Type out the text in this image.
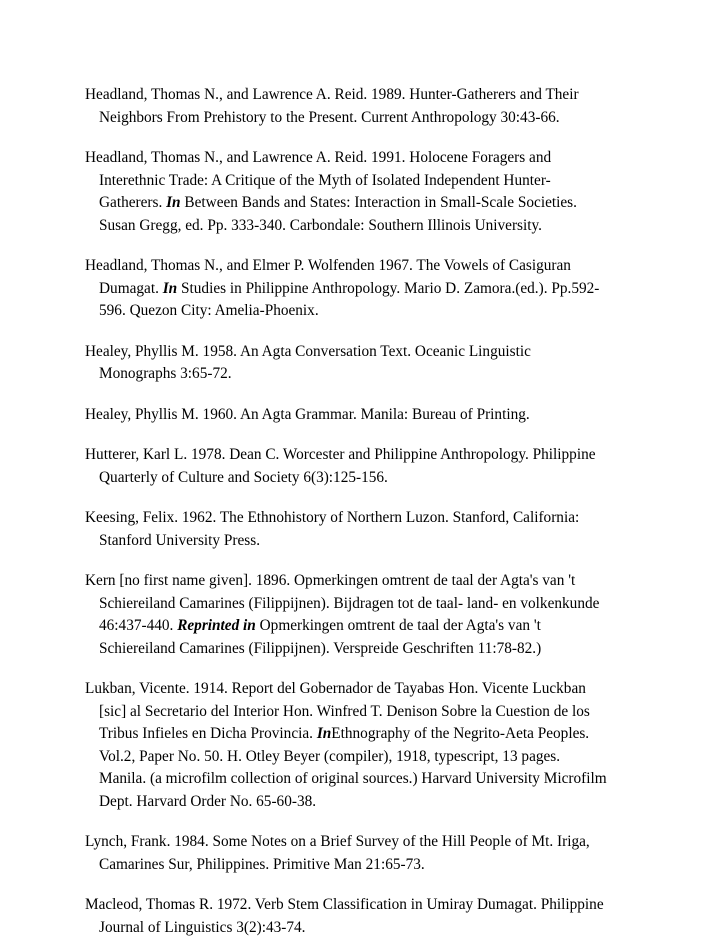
Headland, Thomas N., and Lawrence A. Reid. 1989. Hunter-Gatherers and Their
Neighbors From Prehistory to the Present. Current Anthropology 30:43-66.

Headland, Thomas N., and Lawrence A. Reid. 1991. Holocene Foragers and
Interethnic Trade: A Critique of the Myth of Isolated Independent Hunter-
Gatherers. In Between Bands and States: Interaction in Small-Scale Societies.
Susan Gregg, ed. Pp. 333-340. Carbondale: Southern Illinois University.

Headland, Thomas N., and Elmer P. Wolfenden 1967. The Vowels of Casiguran
Dumagat. In Studies in Philippine Anthropology. Mario D. Zamora.(ed.). Pp.592-
596. Quezon City: Amelia-Phoenix.

Healey, Phyllis M. 1958. An Agta Conversation Text. Oceanic Linguistic
Monographs 3:65-72.

Healey, Phyllis M. 1960. An Agta Grammar. Manila: Bureau of Printing.

Hutterer, Karl L. 1978. Dean C. Worcester and Philippine Anthropology. Philippine
Quarterly of Culture and Society 6(3):125-156.

Keesing, Felix. 1962. The Ethnohistory of Northern Luzon. Stanford, California:
Stanford University Press.

Kern [no first name given]. 1896. Opmerkingen omtrent de taal der Agta's van 't
Schiereiland Camarines (Filippijnen). Bijdragen tot de taal- land- en volkenkunde
46:437-440. Reprinted in Opmerkingen omtrent de taal der Agta's van 't
Schiereiland Camarines (Filippijnen). Verspreide Geschriften 11:78-82.)

Lukban, Vicente. 1914. Report del Gobernador de Tayabas Hon. Vicente Luckban
[sic] al Secretario del Interior Hon. Winfred T. Denison Sobre la Cuestion de los
Tribus Infieles en Dicha Provincia. InEthnography of the Negrito-Aeta Peoples.
Vol.2, Paper No. 50. H. Otley Beyer (compiler), 1918, typescript, 13 pages.
Manila. (a microfilm collection of original sources.) Harvard University Microfilm
Dept. Harvard Order No. 65-60-38.

Lynch, Frank. 1984. Some Notes on a Brief Survey of the Hill People of Mt. Iriga,
Camarines Sur, Philippines. Primitive Man 21:65-73.

Macleod, Thomas R. 1972. Verb Stem Classification in Umiray Dumagat. Philippine
Journal of Linguistics 3(2):43-74.
